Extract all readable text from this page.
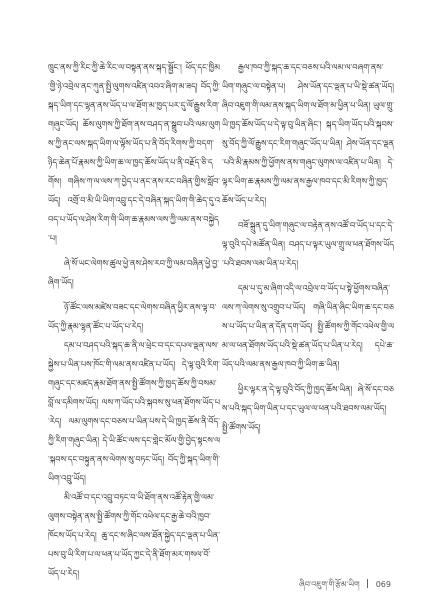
ཁྲུང་ནས་ཀྱི་རིང་ཀྱི་ཆེ་རིང་ལ་བསྟན་ནས་སྐད་སྦྱོང་། ཕོད་དང་ཁྱིམ་གྱི་ཉེ་འབྲེལ་ནང་ཀུན་སྤྱི་ལུགས་འཛིན་འབའ་ཞིག་མ་ཟད། བོད་ཀྱི་སྐད་ཡིག་དང་ལྷན་ནས་ཡོད་པ་ལ་ཐོག་མ་ཁྱད་པར་དུ་ལོ་རྒྱུས་རིག་གཞུང་ཡོད། ཆོས་ལུགས་ཀྱི་ཐོག་ནས་བཤད་ན་སྒྲུབ་པའི་ལམ་ལུགས་ཀྱི་ནང་ལས་སྐད་ཡིག་ལ་ལྟོས་ཡོད་པ་ནི་བོད་རིགས་ཀྱི་བདག་ཉིད་ཆེན་པོ་རྣམས་ཀྱི་ཡིག་ཆ་ལ་ཁྱད་ཆོས་ཡོད་པ་ནི་བརྗོད་ཅི་དགོས། གཞིས་ཀ་ལ་ལས་ཀ་བྱེད་པ་ནང་ནས་རང་བཞིན་གྱིས་སློབ་ཡོད། འགྲོ་བ་མི་ཡི་ཡིག་འབྲུ་དང་དེ་བཞིན་སྐད་ཡིག་གི་ཆེད་དུ་འབད་པ་ཡོད་ལ་ཤེས་རིག་གི་ཡིག་ཆ་རྣམས་ལས་ཀྱི་ལམ་ནས་བསྐྱེད་པ།

ཞེ་སོ་ཡང་ལེགས་ཚུལ་ཕྱེ་ནས་ཤེས་རབ་ཀྱི་ལམ་བཞིན་ཕྱེ་བྱ་ཞིག་ཡོད།

ཉོ་ཚོང་ལས་མཛེས་བཟང་དང་ལེགས་བཞིན་ཕྱིར་ནས་ལྟ་བ་ཡོད་ཀྱི་རྣམ་ལྷན་ཚོང་པ་ཡོད་པ་རེད།

དམ་པ་བཤད་པའི་སྐད་ཆ་ནི་ལ་ཕྲེང་བ་དང་དཔལ་ལྡན་ལས་སྐྱེས་པ་ཡིན་པས་ཁོང་གི་ལམ་ནས་འཛིན་པ་ཡོད། དེ་ལྟ་བུའི་རིག་གཞུང་དང་མཛད་རྣམ་ཐོག་ནས་སྤྱི་ཚོགས་ཀྱི་ཁྱད་ཆོས་ཀྱི་བསམ་བློ་ལ་དམིགས་ཡོད། ལས་ཀ་ཡོད་པའི་སྐབས་སུ་ཕན་ཐོགས་ཡོད་པ་རེད། ལམ་ལུགས་དང་བཅས་པ་ཡིན་པས་དེ་ཡི་ཁྱད་ཆོས་ནི་བོད་ཀྱི་རིག་གཞུང་ཡིན། དེ་ཡི་ཚོང་ལས་དང་གླེང་མོལ་གྱི་བྱེད་སྟངས་ལ་སྐབས་དང་བསྟུན་ནས་ལེགས་སུ་བཏང་ཡོད། བོད་ཀྱི་སྐད་ཡིག་གི་ཡིག་འབྲུ་ཡོད།

མི་འཚོ་བ་དང་འབྲུ་བཏང་བ་ཡི་ཐོག་ནས་འཚོ་རྟེན་གྱི་ལམ་ལུགས་བསྟེན་ནས་སྤྱི་ཚོགས་ཀྱི་གོང་འཕེལ་དང་རྒྱ་ཆེ་བའི་ཁྱབ་ཁོངས་ཡོད་པ་རེད། ཆུ་དང་ས་ཞིང་ལས་ཐོན་སྐྱེད་དང་ལྡན་པ་ཡིན་པས་བུ་ཡི་རིག་པ་ལ་ཕན་པ་ཡོད་ཀྱང་དེ་ནི་ཐོག་མར་གསལ་བོ་ཡོད་པ་རེད།

རྒྱལ་ཁབ་ཀྱི་སྐད་ཆ་དང་བཅས་པའི་ལམ་ལ་བཞག་ནས་ཡིག་གཞུང་ལ་བསྟེན་པ། ཤེས་ཡོན་དང་ལྡན་པ་ཡི་སྡེ་ཚན་ཡོད། ཞིབ་འཇུག་གི་ལམ་ནས་སྐད་ཡིག་ལ་ཐོག་མ་ཕྱིན་པ་ཡིན། ཡུལ་གྲུ་ཡི་ཁྱད་ཆོས་ཡོད་པ་དེ་ལྟ་བུ་ཡིན་ཞིང་། སྐད་ཡིག་ཡོད་པའི་སྐབས་སུ་བོད་ཀྱི་ལོ་རྒྱུས་དང་རིག་གཞུང་ཡོད་པ་ཡིན། ཤེས་ཡོན་དང་ལྡན་པའི་མི་རྣམས་ཀྱི་ཕྱོགས་ནས་གཞུང་ལུགས་ལ་འཛིན་པ་ཡིན། དེ་ལྟར་ཡིག་ཆ་རྣམས་ཀྱི་ལམ་ནས་རྒྱལ་ཁབ་དང་མི་རིགས་ཀྱི་ཁྱད་ཆོས་ཡོད་པ་རེད།

བཟོ་སྐྲུན་དུ་ཡིག་གཞུང་ལ་བརྟེན་ནས་འཚོ་བ་ཡོད་པ་དང་དེ་ལྟ་བུའི་དཔེ་མཚོན་ཡིན། བཤད་པ་ལྟར་ཡུལ་གྲུ་ལ་ཕན་ཐོགས་ཡོད་པའི་ཐབས་ལམ་ཡིན་པ་རེད།

དམ་པ་དུ་མ་ཞིག་འདི་ལ་འབྲེལ་བ་ཡོད་པ་སྟེ་ཕྱོགས་བཞིན་ལས་ཀ་ལེགས་སུ་འགྲུབ་པ་ཡོད། གཞི་ཡིན་ཞིང་ཡིག་ཆ་དང་བཅས་པ་ཡོད་པ་ཡིན་ན་དོན་དག་ཡོད། སྤྱི་ཚོགས་ཀྱི་གོང་འཕེལ་གྱི་ལམ་ལ་ཕན་ཐོགས་ཡོད་པའི་སྡེ་ཚན་ཡོད་པ་ཡིན་པ་རེད། དཔེ་ཆ་ཡོད་པའི་ལམ་ནས་རྒྱལ་ཁབ་ཀྱི་ཡིག་ཆ་ཡིན།

ཕྱིར་ལྟར་ན་དེ་ལྟ་བུའི་བོད་ཀྱི་ཁྱད་ཆོས་ཡིན། ཞེ་སོ་དང་བཅས་པའི་སྐད་ཡིག་ཡིན་པ་དང་ཡུལ་ལ་ཕན་པའི་ཐབས་ལམ་ཡོད། སྤྱི་ཚོགས་ཡོད།

ཞིབ་འཇུག་གི་རྩོམ་ཡིག 069
